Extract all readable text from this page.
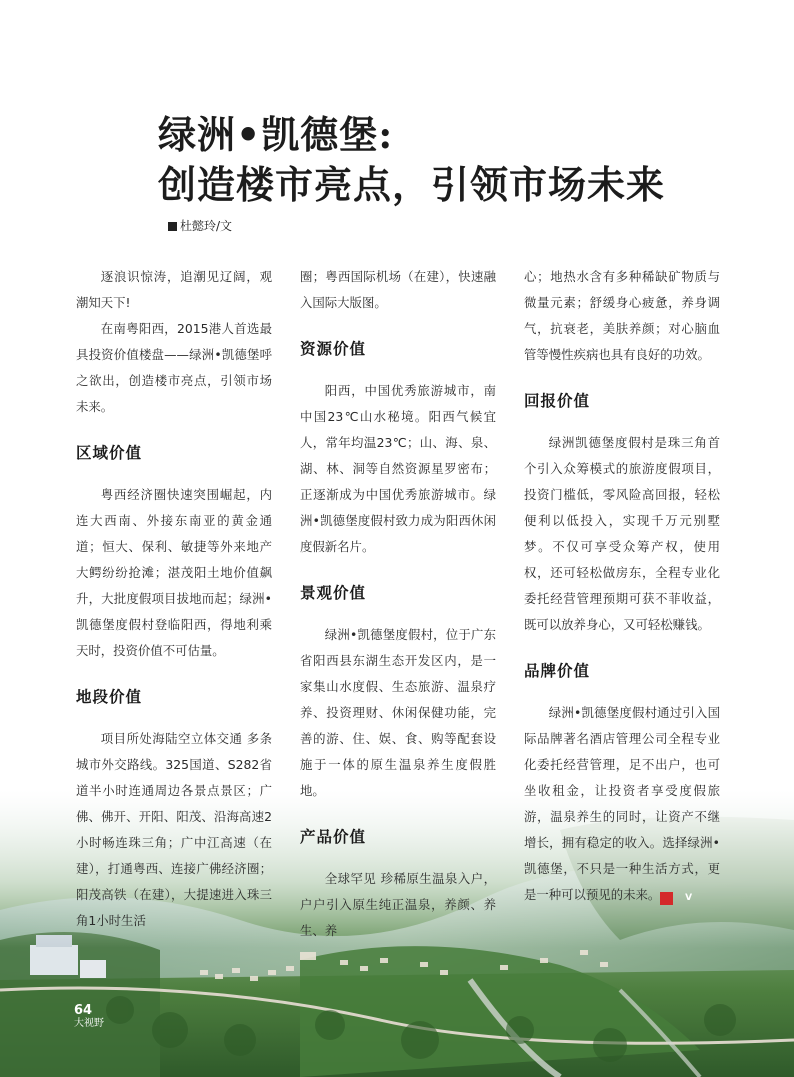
绿洲•凯德堡:
创造楼市亮点，引领市场未来
杜懿玲/文

逐浪识惊涛，追潮见辽阔，观潮知天下!

在南粤阳西，2015港人首选最具投资价值楼盘——绿洲•凯德堡呼之欲出，创造楼市亮点，引领市场未来。

区域价值

粤西经济圈快速突围崛起，内连大西南、外接东南亚的黄金通道；恒大、保利、敏捷等外来地产大鳄纷纷抢滩；湛茂阳土地价值飙升，大批度假项目拔地而起；绿洲•凯德堡度假村登临阳西，得地利乘天时，投资价值不可估量。

地段价值

项目所处海陆空立体交通 多条城市外交路线。325国道、S282省道半小时连通周边各景点景区；广佛、佛开、开阳、阳茂、沿海高速2小时畅连珠三角；广中江高速（在建），打通粤西、连接广佛经济圈；阳茂高铁（在建），大提速进入珠三角1小时生活

圈；粤西国际机场（在建），快速融入国际大版图。

资源价值

阳西，中国优秀旅游城市，南中国23℃山水秘境。阳西气候宜人，常年均温23℃；山、海、泉、湖、林、洞等自然资源星罗密布；正逐渐成为中国优秀旅游城市。绿洲•凯德堡度假村致力成为阳西休闲度假新名片。

景观价值

绿洲•凯德堡度假村，位于广东省阳西县东湖生态开发区内，是一家集山水度假、生态旅游、温泉疗养、投资理财、休闲保健功能，完善的游、住、娱、食、购等配套设施于一体的原生温泉养生度假胜地。

产品价值

全球罕见 珍稀原生温泉入户，户户引入原生纯正温泉，养颜、养生、养

心；地热水含有多种稀缺矿物质与微量元素；舒缓身心疲惫，养身调气，抗衰老，美肤养颜；对心脑血管等慢性疾病也具有良好的功效。

回报价值

绿洲凯德堡度假村是珠三角首个引入众筹模式的旅游度假项目，投资门槛低，零风险高回报，轻松便利以低投入，实现千万元别墅梦。不仅可享受众筹产权，使用权，还可轻松做房东，全程专业化委托经营管理预期可获不菲收益，既可以放养身心，又可轻松赚钱。

品牌价值

绿洲•凯德堡度假村通过引入国际品牌著名酒店管理公司全程专业化委托经营管理，足不出户，也可坐收租金，让投资者享受度假旅游，温泉养生的同时，让资产不继增长，拥有稳定的收入。选择绿洲•凯德堡，不只是一种生活方式，更是一种可以预见的未来。	V

64
大视野
